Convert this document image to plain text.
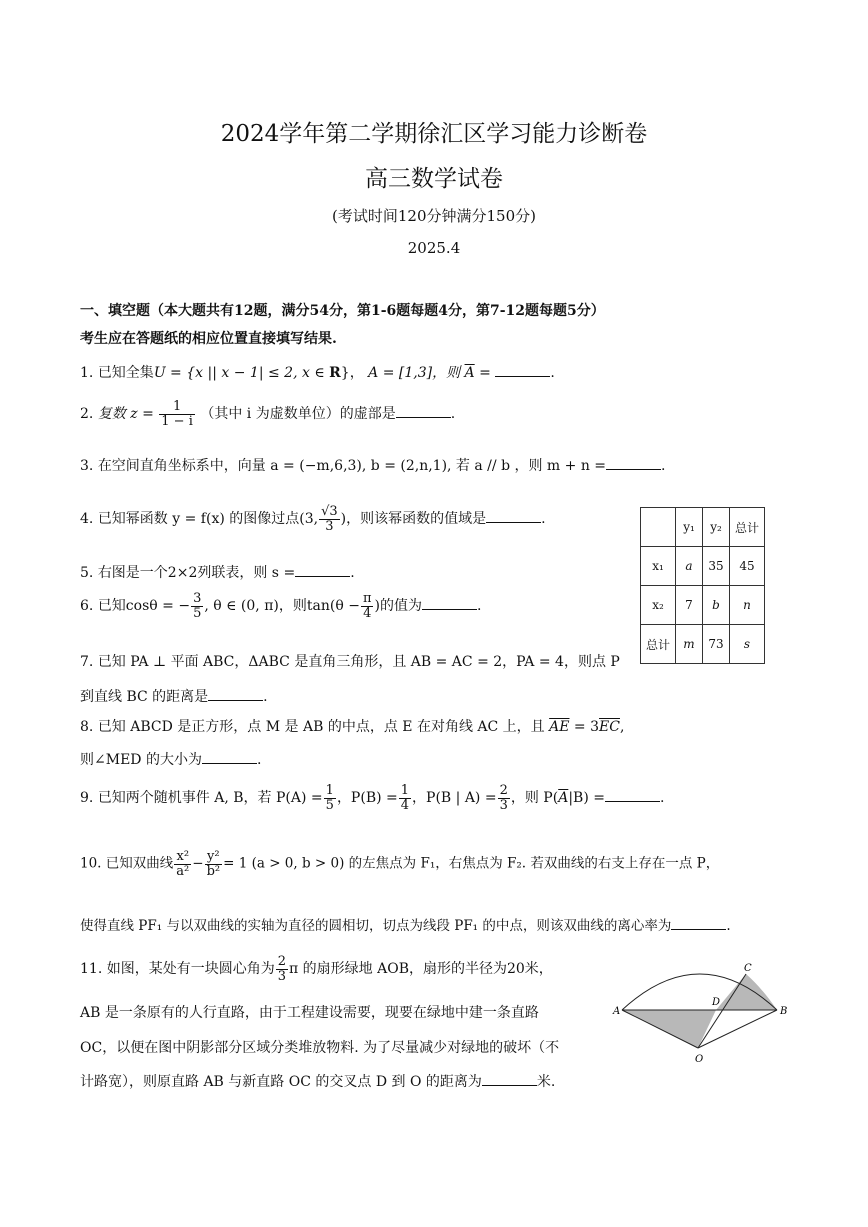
2024学年第二学期徐汇区学习能力诊断卷
高三数学试卷
(考试时间120分钟满分150分)
2025.4
一、填空题（本大题共有12题，满分54分，第1-6题每题4分，第7-12题每题5分）
考生应在答题纸的相应位置直接填写结果.
1. 已知全集U = {x || x − 1| ≤ 2, x ∈ R}， A = [1,3]，则 $\overline{A}$ =	.
2. 复数 $z = \frac{1}{1 - i}$ （其中 i 为虚数单位）的虚部是	.
3. 在空间直角坐标系中，向量 a = (−m,6,3), b = (2,n,1), 若 a // b ，则 m + n =	.
4. 已知幂函数 y = f(x) 的图像过点(3, $\frac{√3}{3}$ )，则该幂函数的值域是	.
5. 右图是一个2×2列联表，则 s =	.
6. 已知cosθ = − $\frac{3}{5}$ , θ ∈ (0, π)，则$\tan(\theta - \frac{\pi}{4}$ )的值为	.
	y₁	y₂	总计
x₁	a	35	45
x₂	7	b	n
总计	m	73	s
7. 已知 PA ⊥ 平面 ABC，ΔABC 是直角三角形，且 AB = AC = 2，PA = 4，则点 P
到直线 BC 的距离是	.
8. 已知 ABCD 是正方形，点 M 是 AB 的中点，点 E 在对角线 AC 上，且 $\overline{AE} = 3\overline{EC}$,
则∠MED 的大小为	.
9. 已知两个随机事件 A, B，若 $P(A) = \frac{1}{5}$ ，$P(B) = \frac{1}{4}$ ，P(B | $A) = \frac{2}{3}$ ，则 $P(\overline{A}|B)$ =	.
10. 已知双曲线 $\frac{\text{x²}}{\text{a²}} - \frac{\text{y²}}{\text{b²}} = 1$ (a > 0, b > 0) 的左焦点为 F₁，右焦点为 F₂. 若双曲线的右支上存在一点 P，
使得直线 PF₁ 与以双曲线的实轴为直径的圆相切，切点为线段 PF₁ 的中点，则该双曲线的离心率为	.
11. 如图，某处有一块圆心角为 $\frac{2}{3}$ π 的扇形绿地 AOB，扇形的半径为20米，
AB 是一条原有的人行直路，由于工程建设需要，现要在绿地中建一条直路
OC，以便在图中阴影部分区域分类堆放物料. 为了尽量减少对绿地的破坏（不
计路宽），则原直路 AB 与新直路 OC 的交叉点 D 到 O 的距离为	米.
A	B
C
D
O
